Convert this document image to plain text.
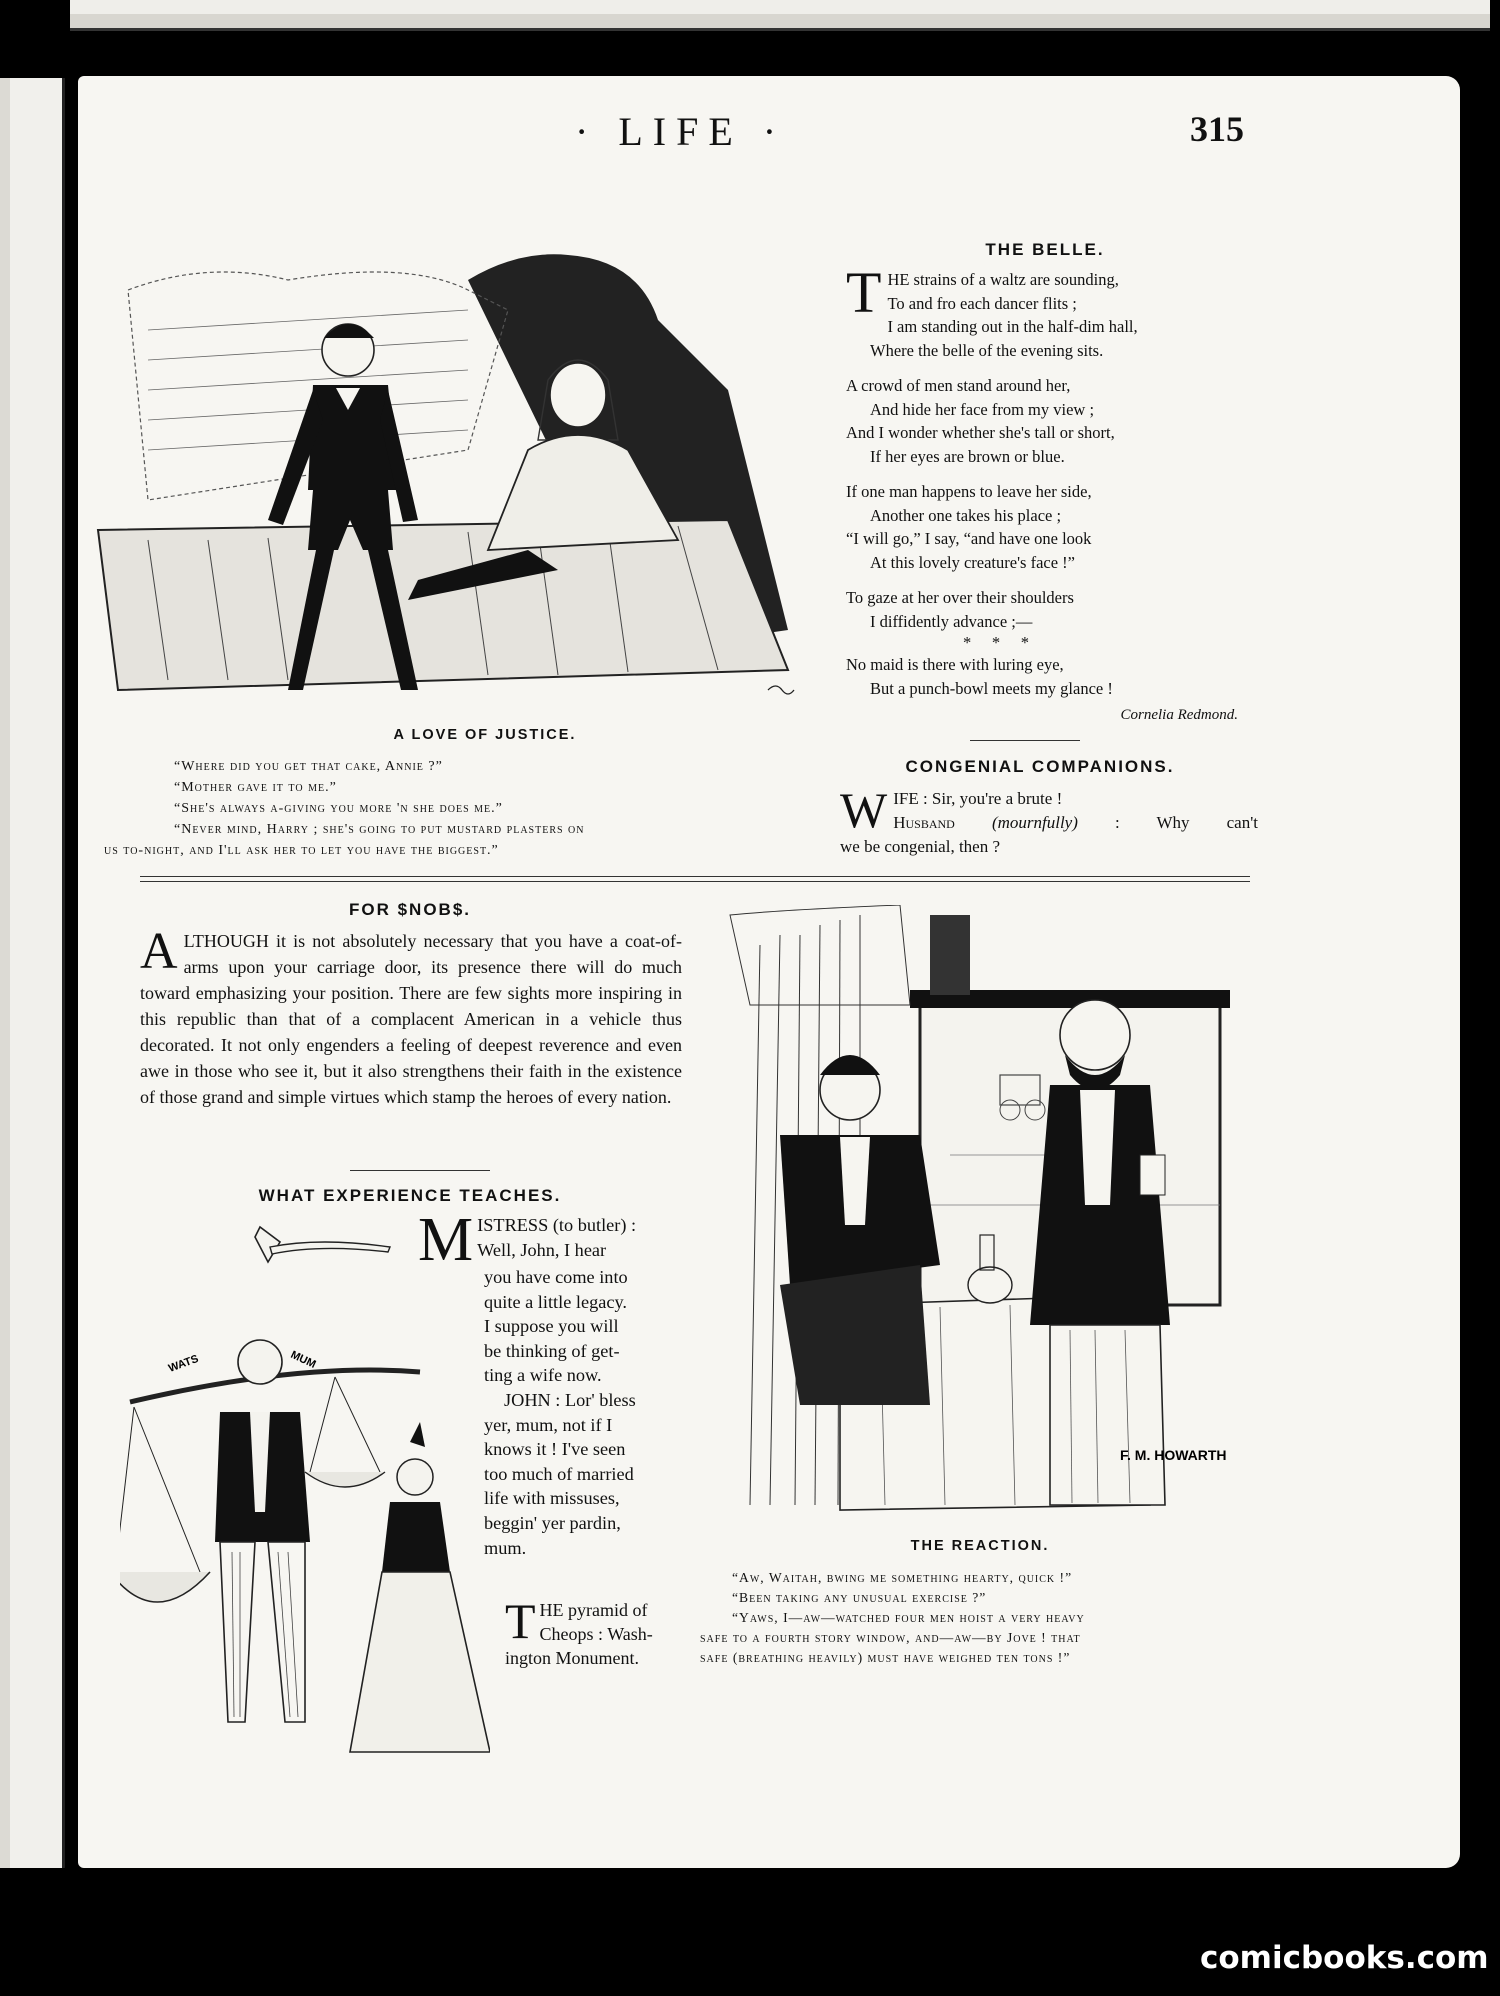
· LIFE ·	315
A LOVE OF JUSTICE.
“Where did you get that cake, Annie ?”
“Mother gave it to me.”
“She's always a-giving you more 'n she does me.”
“Never mind, Harry ; she's going to put mustard plasters on
us to-night, and I'll ask her to let you have the biggest.”
THE BELLE.
T HE strains of a waltz are sounding,
To and fro each dancer flits ;
I am standing out in the half-dim hall,
Where the belle of the evening sits.
A crowd of men stand around her,
And hide her face from my view ;
And I wonder whether she's tall or short,
If her eyes are brown or blue.
If one man happens to leave her side,
Another one takes his place ;
“I will go,” I say, “and have one look
At this lovely creature's face !”
To gaze at her over their shoulders
I diffidently advance ;—
*     *     *
No maid is there with luring eye,
But a punch-bowl meets my glance !
Cornelia Redmond.
CONGENIAL COMPANIONS.
W IFE : Sir, you're a brute !
Husband (mournfully) : Why can't
we be congenial, then ?
FOR $NOB$.
ALTHOUGH it is not absolutely necessary that you have a coat-of-arms upon your carriage door, its presence there will do much toward emphasizing your position. There are few sights more inspiring in this republic than that of a complacent American in a vehicle thus decorated. It not only engenders a feeling of deepest reverence and even awe in those who see it, but it also strengthens their faith in the existence of those grand and simple virtues which stamp the heroes of every nation.
WHAT EXPERIENCE TEACHES.
WATS	MUM
M ISTRESS (to butler) :
Well, John, I hear
you have come into
quite a little legacy.
I suppose you will
be thinking of get-
ting a wife now.
JOHN : Lor' bless
yer, mum, not if I
knows it ! I've seen
too much of married
life with missuses,
beggin' yer pardin,
mum.
T HE pyramid of
Cheops : Wash-
ington Monument.
F. M. HOWARTH
THE REACTION.
“Aw, Waitah, bwing me something hearty, quick !”
“Been taking any unusual exercise ?”
“Yaws, I—aw—watched four men hoist a very heavy
safe to a fourth story window, and—aw—by Jove ! that
safe (breathing heavily) must have weighed ten tons !”
comicbooks.com
